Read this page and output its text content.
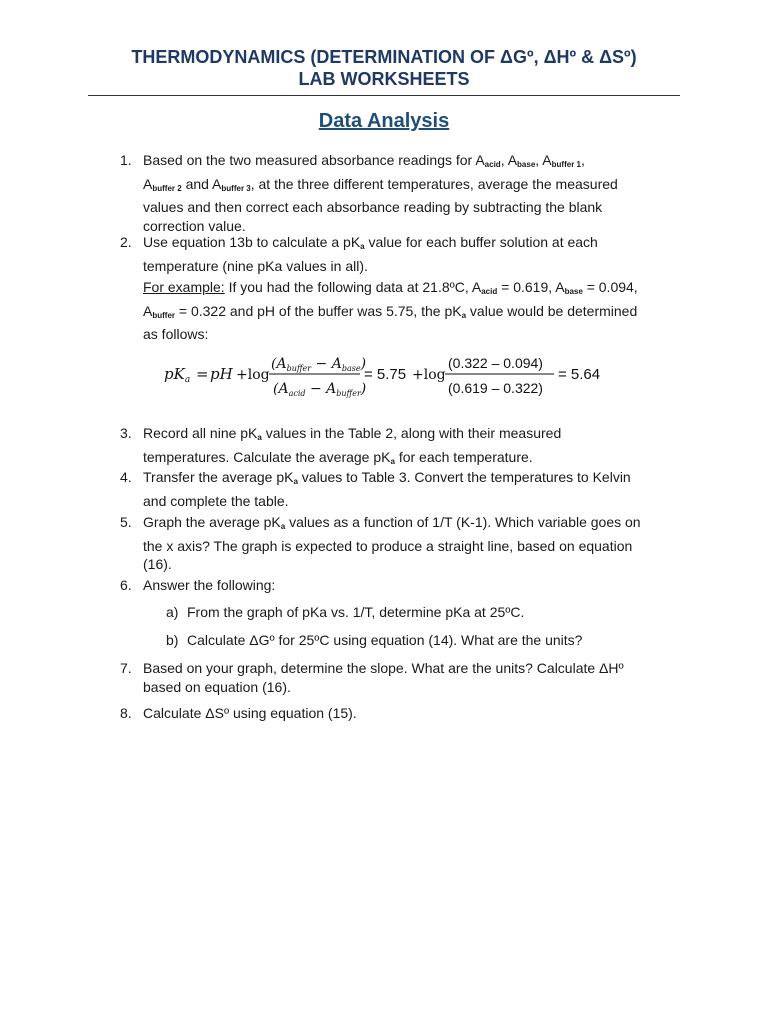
THERMODYNAMICS (DETERMINATION OF ΔGº, ΔHº & ΔSº)
LAB WORKSHEETS
Data Analysis
1. Based on the two measured absorbance readings for $A_{acid}$, $A_{base}$, $A_{buffer 1}$,
$A_{buffer 2}$ and $A_{buffer 3}$, at the three different temperatures, average the measured values and then correct each absorbance reading by subtracting the blank correction value.
2. Use equation 13b to calculate a $pK_a$ value for each buffer solution at each temperature (nine pKa values in all).
For example: If you had the following data at 21.8ºC, $A_{acid} = 0.619$, $A_{base} = 0.094$, $A_{buffer} = 0.322$ and pH of the buffer was 5.75, the $pK_a$ value would be determined as follows:
$pK_a$ = pH +log
$(A_{buffer} - A_{base})$
$(A_{acid} - A_{buffer})$
= 5.75 +log
(0.322 – 0.094)
(0.619 – 0.322)
= 5.64
3. Record all nine $pK_a$ values in the Table 2, along with their measured temperatures. Calculate the average $pK_a$ for each temperature.
4. Transfer the average $pK_a$ values to Table 3. Convert the temperatures to Kelvin and complete the table.
5. Graph the average $pK_a$ values as a function of 1/T (K-1). Which variable goes on the x axis? The graph is expected to produce a straight line, based on equation (16).
6. Answer the following:
a) From the graph of pKa vs. 1/T, determine pKa at 25ºC.
b) Calculate ΔGº for 25ºC using equation (14). What are the units?
7. Based on your graph, determine the slope. What are the units? Calculate ΔHº based on equation (16).
8. Calculate ΔSº using equation (15).
